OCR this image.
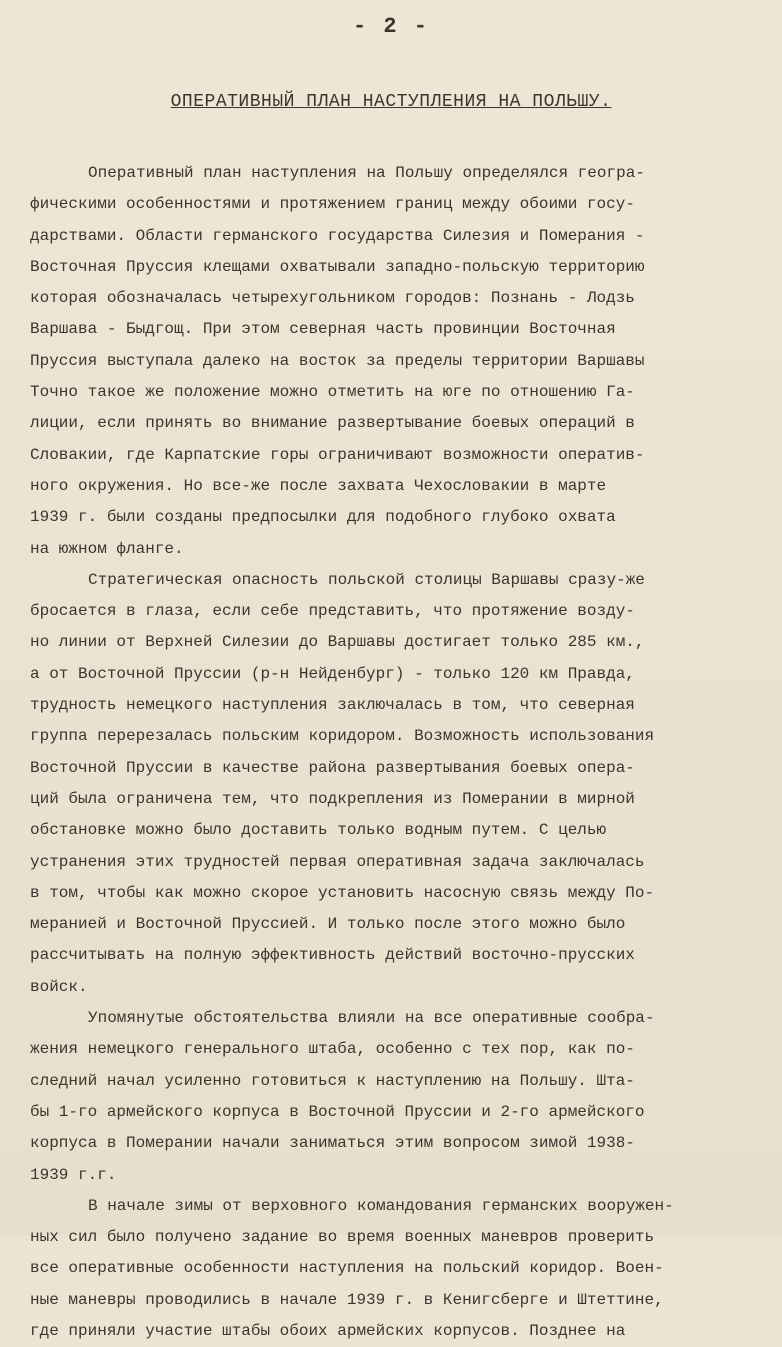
- 2 -
ОПЕРАТИВНЫЙ ПЛАН НАСТУПЛЕНИЯ НА ПОЛЬШУ.
Оперативный план наступления на Польшу определялся геогра-
фическими особенностями и протяжением границ между обоими госу-
дарствами. Области германского государства Силезия и Померания -
Восточная Пруссия клещами охватывали западно-польскую территорию
которая обозначалась четырехугольником городов: Познань - Лодзь
Варшава - Быдгощ. При этом северная часть провинции Восточная
Пруссия выступала далеко на восток за пределы территории Варшавы
Точно такое же положение можно отметить на юге по отношению Га-
лиции, если принять во внимание развертывание боевых операций в
Словакии, где Карпатские горы ограничивают возможности оператив-
ного окружения. Но все-же после захвата Чехословакии в марте
1939 г. были созданы предпосылки для подобного глубоко охвата
на южном фланге.
Стратегическая опасность польской столицы Варшавы сразу-же
бросается в глаза, если себе представить, что протяжение возду-
но линии от Верхней Силезии до Варшавы достигает только 285 км.,
а от Восточной Пруссии (р-н Нейденбург) - только 120 км Правда,
трудность немецкого наступления заключалась в том, что северная
группа перерезалась польским коридором. Возможность использования
Восточной Пруссии в качестве района развертывания боевых опера-
ций была ограничена тем, что подкрепления из Померании в мирной
обстановке можно было доставить только водным путем. С целью
устранения этих трудностей первая оперативная задача заключалась
в том, чтобы как можно скорое установить насосную связь между По-
меранией и Восточной Пруссией. И только после этого можно было
рассчитывать на полную эффективность действий восточно-прусских
войск.
Упомянутые обстоятельства влияли на все оперативные сообра-
жения немецкого генерального штаба, особенно с тех пор, как по-
следний начал усиленно готовиться к наступлению на Польшу. Шта-
бы 1-го армейского корпуса в Восточной Пруссии и 2-го армейского
корпуса в Померании начали заниматься этим вопросом зимой 1938-
1939 г.г.
В начале зимы от верховного командования германских вооружен-
ных сил было получено задание во время военных маневров проверить
все оперативные особенности наступления на польский коридор. Воен-
ные маневры проводились в начале 1939 г. в Кенигсберге и Штеттине,
где приняли участие штабы обоих армейских корпусов. Позднее на
